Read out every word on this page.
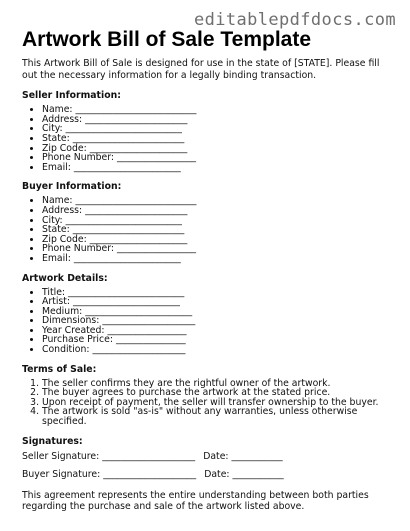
editablepdfdocs.com
Artwork Bill of Sale Template

This Artwork Bill of Sale is designed for use in the state of [STATE]. Please fill out the necessary information for a legally binding transaction.

Seller Information:
• Name: __________________________
• Address: ______________________
• City: _________________________
• State: ________________________
• Zip Code: _____________________
• Phone Number: _________________
• Email: _______________________
Buyer Information:
• Name: __________________________
• Address: ______________________
• City: _________________________
• State: ________________________
• Zip Code: _____________________
• Phone Number: _________________
• Email: _______________________
Artwork Details:
• Title: _________________________
• Artist: _______________________
• Medium: _______________________
• Dimensions: ____________________
• Year Created: _________________
• Purchase Price: _______________
• Condition: ____________________
Terms of Sale:
1. The seller confirms they are the rightful owner of the artwork.
2. The buyer agrees to purchase the artwork at the stated price.
3. Upon receipt of payment, the seller will transfer ownership to the buyer.
4. The artwork is sold "as-is" without any warranties, unless otherwise specified.
Signatures:
Seller Signature: ____________________ Date: ___________
Buyer Signature: ____________________ Date: ___________

This agreement represents the entire understanding between both parties regarding the purchase and sale of the artwork listed above.
